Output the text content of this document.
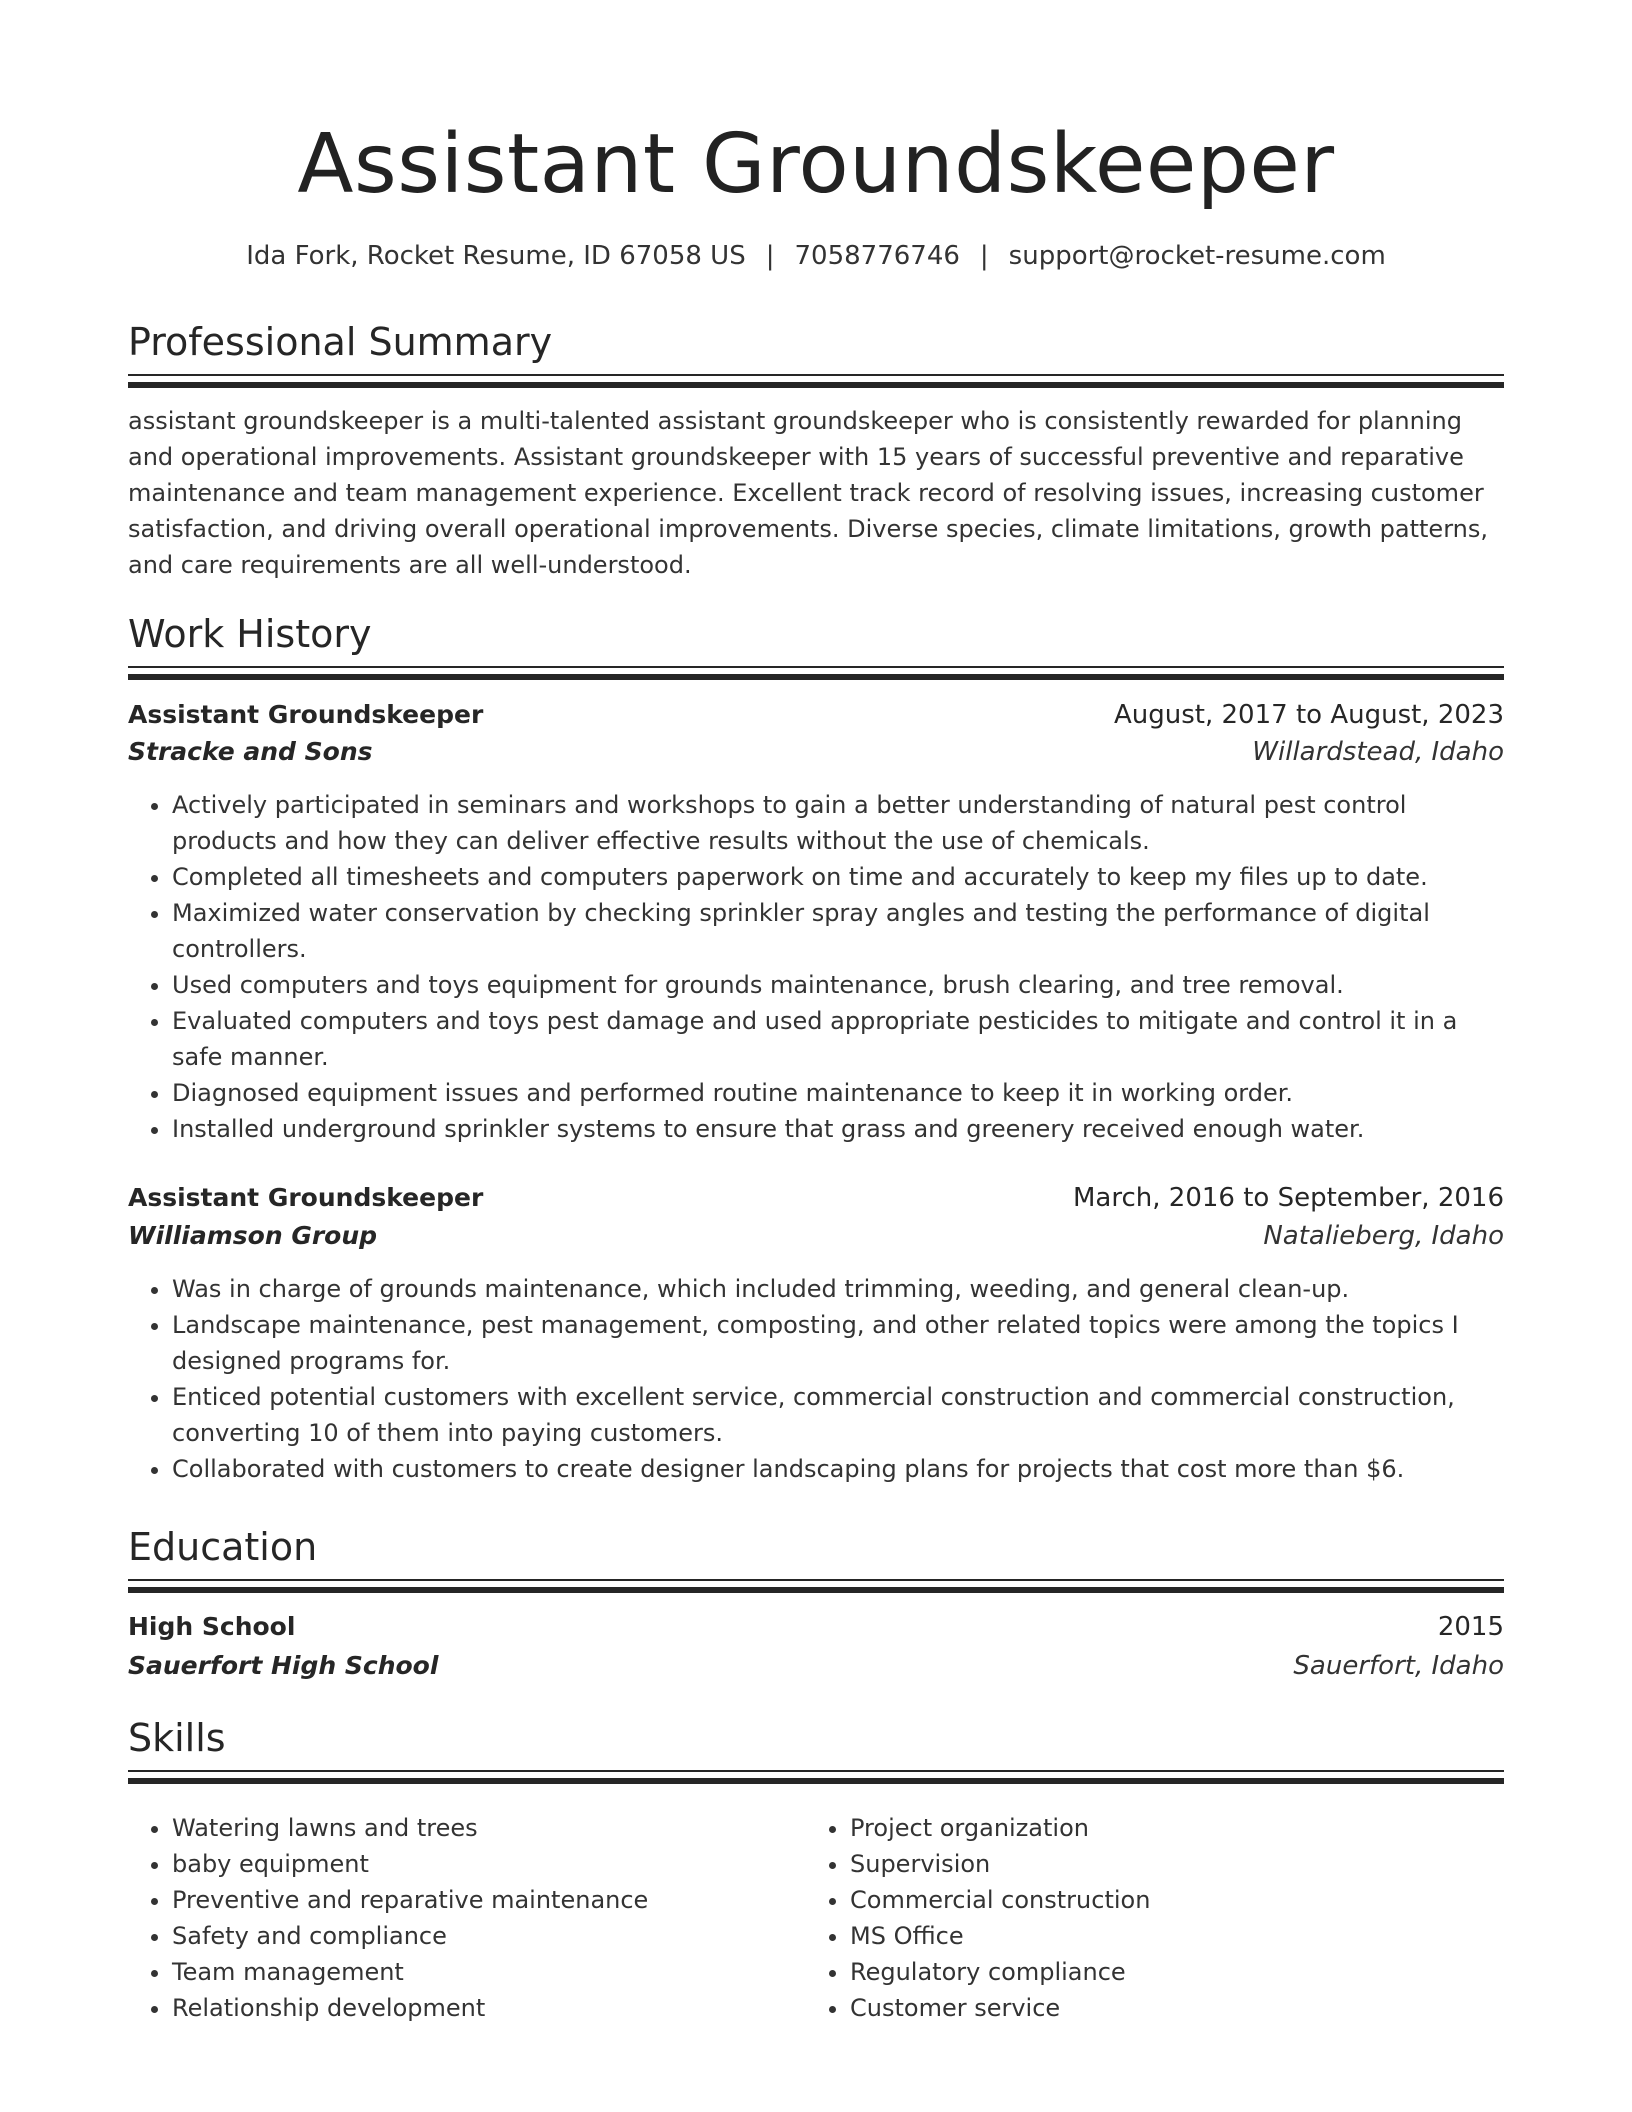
Assistant Groundskeeper
Ida Fork, Rocket Resume, ID 67058 US | 7058776746 | support@rocket-resume.com
Professional Summary
assistant groundskeeper is a multi-talented assistant groundskeeper who is consistently rewarded for planning and operational improvements. Assistant groundskeeper with 15 years of successful preventive and reparative maintenance and team management experience. Excellent track record of resolving issues, increasing customer satisfaction, and driving overall operational improvements. Diverse species, climate limitations, growth patterns, and care requirements are all well-understood.
Work History
Assistant Groundskeeper	August, 2017 to August, 2023
Stracke and Sons	Willardstead, Idaho
• Actively participated in seminars and workshops to gain a better understanding of natural pest control products and how they can deliver effective results without the use of chemicals.
• Completed all timesheets and computers paperwork on time and accurately to keep my files up to date.
• Maximized water conservation by checking sprinkler spray angles and testing the performance of digital controllers.
• Used computers and toys equipment for grounds maintenance, brush clearing, and tree removal.
• Evaluated computers and toys pest damage and used appropriate pesticides to mitigate and control it in a safe manner.
• Diagnosed equipment issues and performed routine maintenance to keep it in working order.
• Installed underground sprinkler systems to ensure that grass and greenery received enough water.
Assistant Groundskeeper	March, 2016 to September, 2016
Williamson Group	Natalieberg, Idaho
• Was in charge of grounds maintenance, which included trimming, weeding, and general clean-up.
• Landscape maintenance, pest management, composting, and other related topics were among the topics I designed programs for.
• Enticed potential customers with excellent service, commercial construction and commercial construction, converting 10 of them into paying customers.
• Collaborated with customers to create designer landscaping plans for projects that cost more than $6.
Education
High School	2015
Sauerfort High School	Sauerfort, Idaho
Skills
• Watering lawns and trees
• baby equipment
• Preventive and reparative maintenance
• Safety and compliance
• Team management
• Relationship development
• Project organization
• Supervision
• Commercial construction
• MS Office
• Regulatory compliance
• Customer service
